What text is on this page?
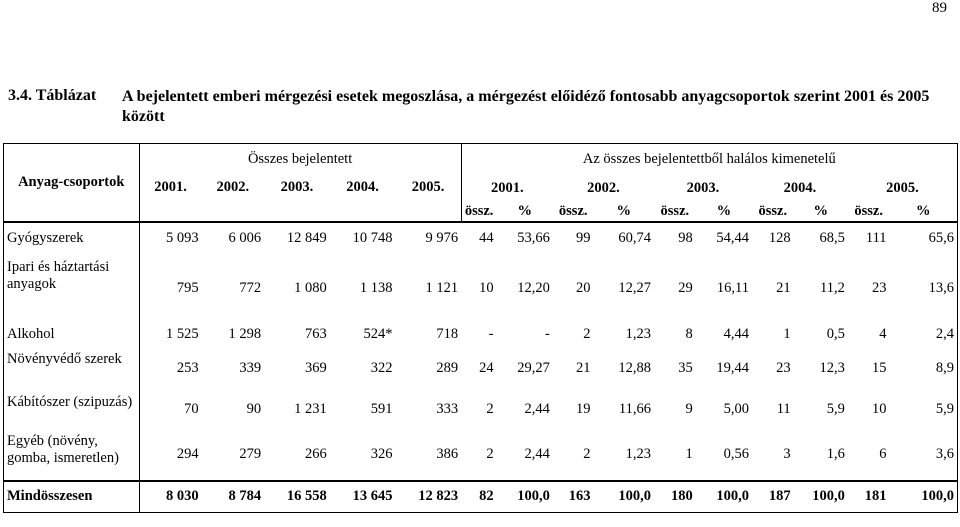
89
3.4. Táblázat A bejelentett emberi mérgezési esetek megoszlása, a mérgezést előidéző fontosabb anyagcsoportok szerint 2001 és 2005 között
Anyag-csoportok	Összes bejelentett					Az összes bejelentettből halálos kimenetelű									
	2001.	2002.	2003.	2004.	2005.	2001.		2002.		2003.		2004.		2005.	
						össz.	%	össz.	%	össz.	%	össz.	%	össz.	%
Gyógyszerek	5 093	6 006	12 849	10 748	9 976	44	53,66	99	60,74	98	54,44	128	68,5	111	65,6
Ipari és háztartási anyagok	795	772	1 080	1 138	1 121	10	12,20	20	12,27	29	16,11	21	11,2	23	13,6
Alkohol	1 525	1 298	763	524*	718	-	-	2	1,23	8	4,44	1	0,5	4	2,4
Növényvédő szerek	253	339	369	322	289	24	29,27	21	12,88	35	19,44	23	12,3	15	8,9
Kábítószer (szipuzás)	70	90	1 231	591	333	2	2,44	19	11,66	9	5,00	11	5,9	10	5,9
Egyéb (növény, gomba, ismeretlen)	294	279	266	326	386	2	2,44	2	1,23	1	0,56	3	1,6	6	3,6
Mindösszesen	8 030	8 784	16 558	13 645	12 823	82	100,0	163	100,0	180	100,0	187	100,0	181	100,0
